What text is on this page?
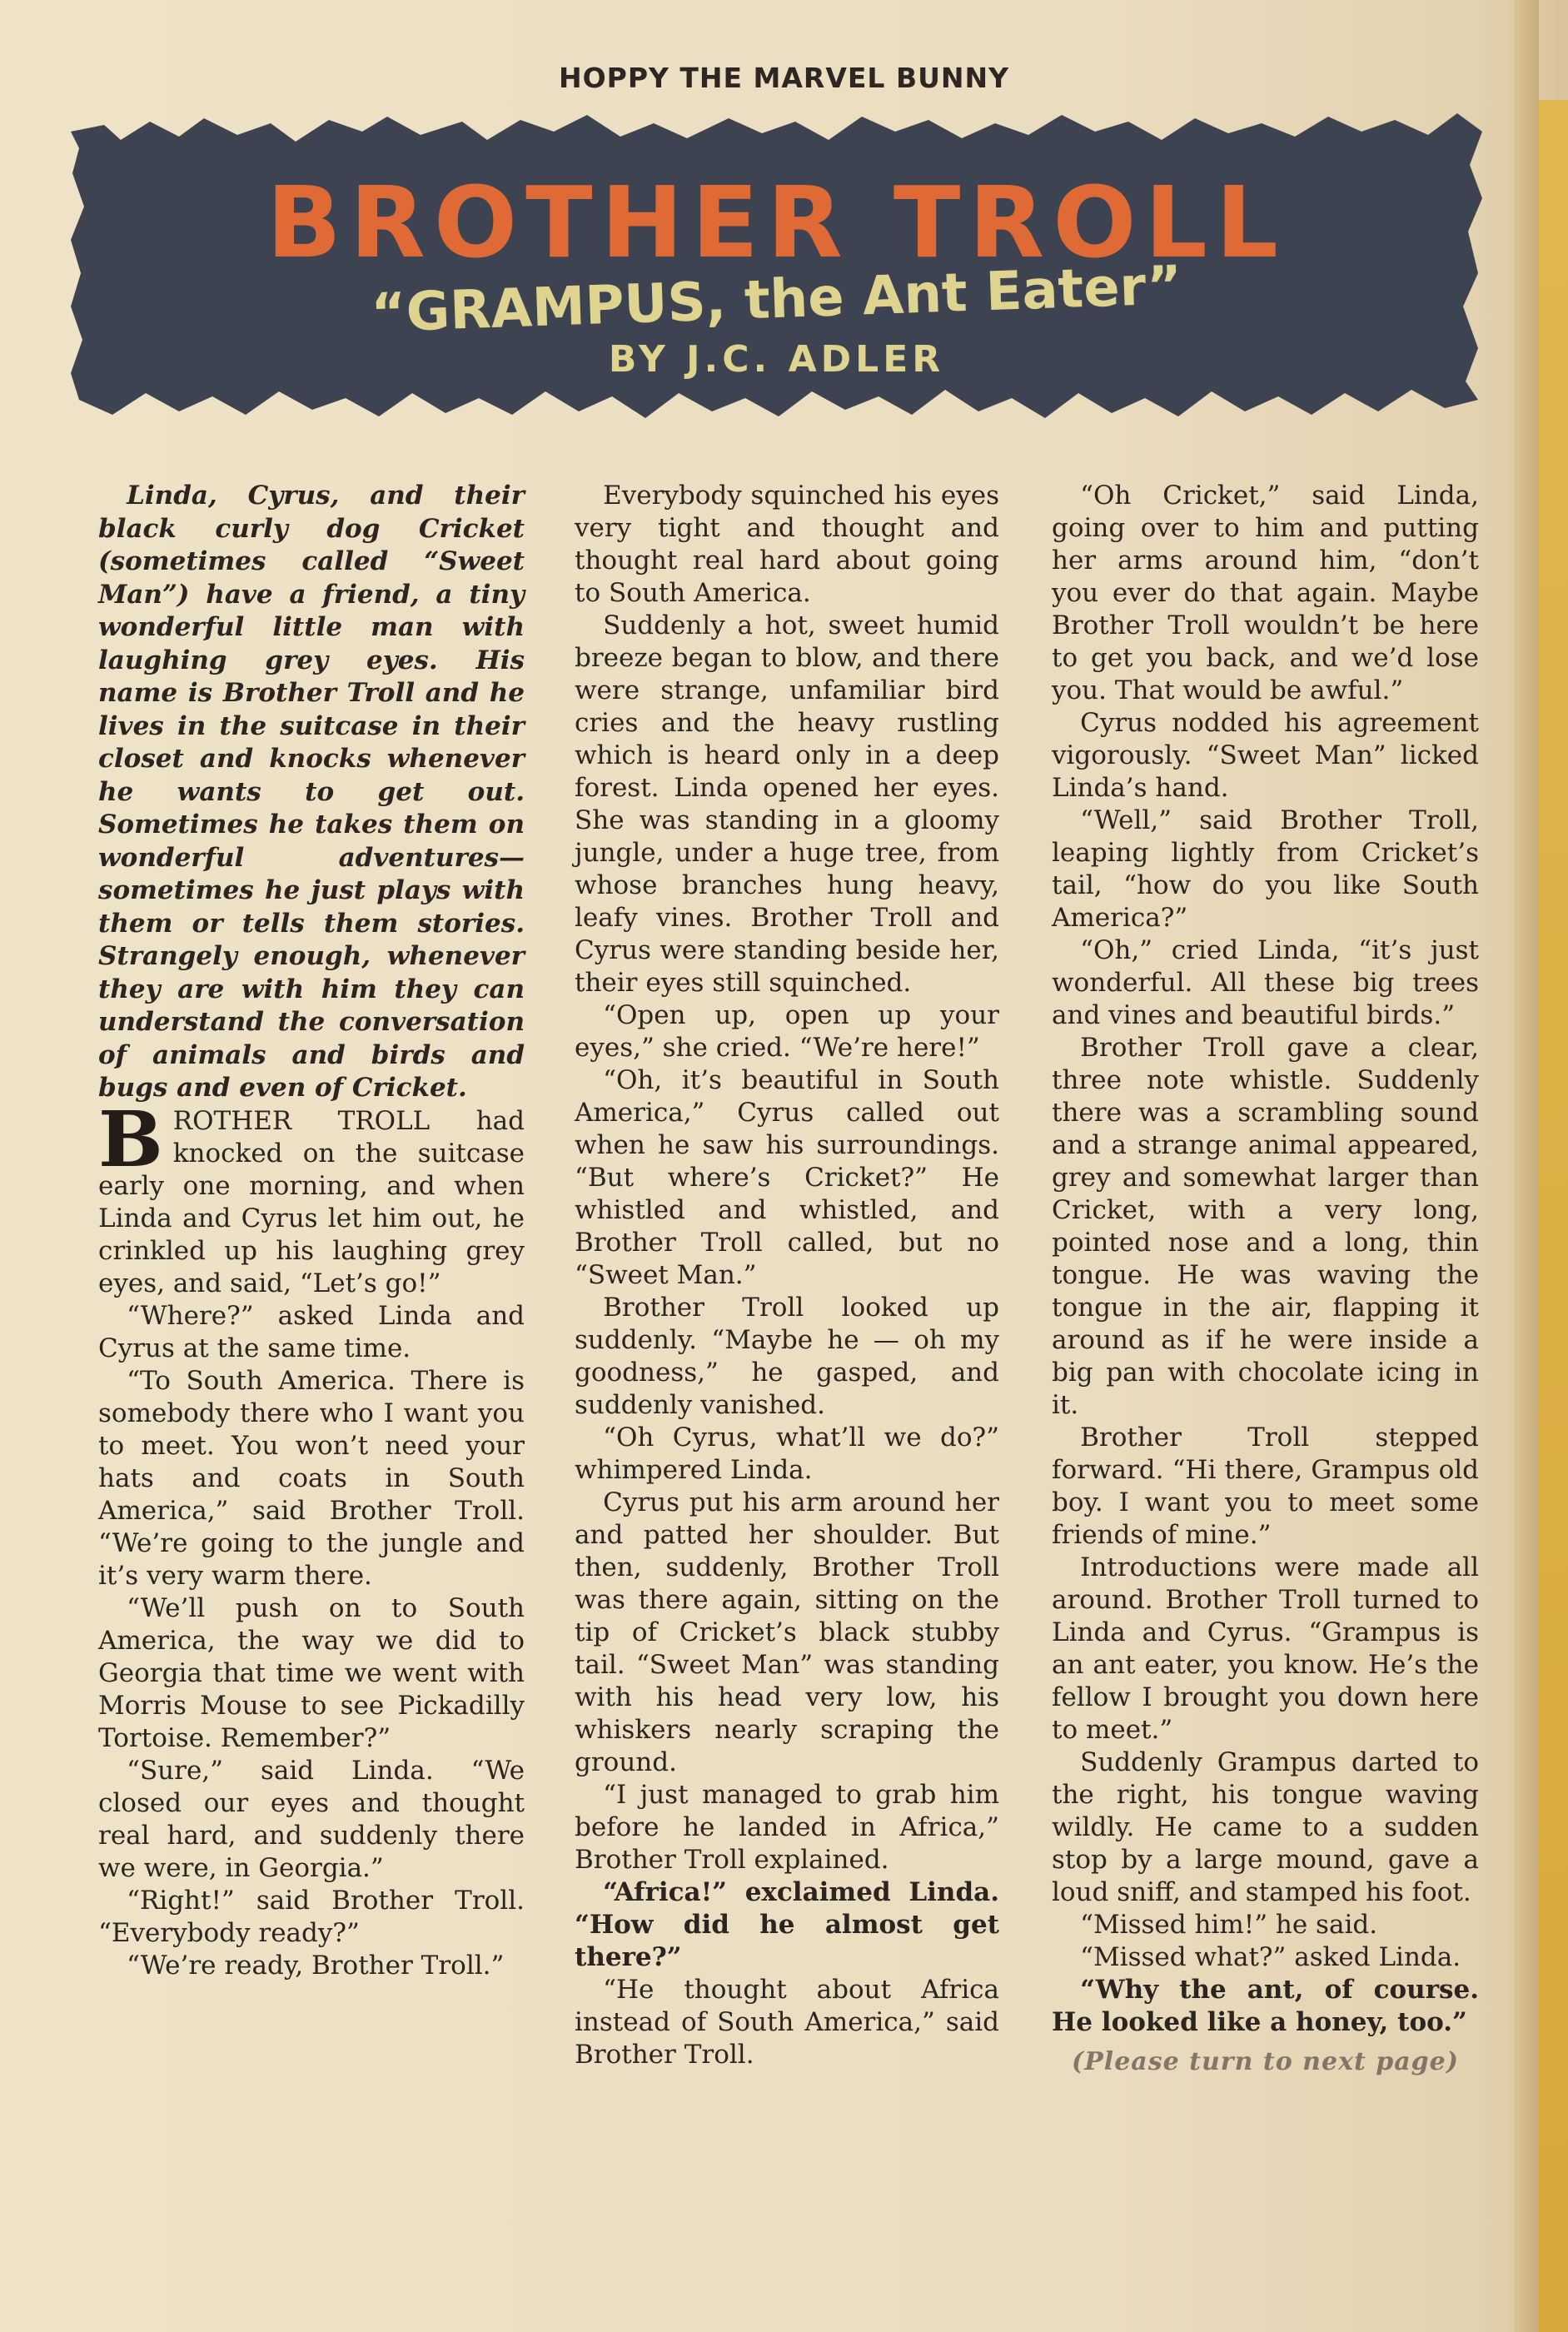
HOPPY THE MARVEL BUNNY
BROTHER TROLL
“GRAMPUS, the Ant Eater”
BY J.C. ADLER

Linda, Cyrus, and their black curly dog Cricket (sometimes called “Sweet Man”) have a friend, a tiny wonderful little man with laughing grey eyes. His name is Brother Troll and he lives in the suitcase in their closet and knocks whenever he wants to get out. Sometimes he takes them on wonderful adventures—sometimes he just plays with them or tells them stories. Strangely enough, whenever they are with him they can understand the conversation of animals and birds and bugs and even of Cricket.

BROTHER TROLL had knocked on the suitcase early one morning, and when Linda and Cyrus let him out, he crinkled up his laughing grey eyes, and said, “Let’s go!”

“Where?” asked Linda and Cyrus at the same time.

“To South America. There is somebody there who I want you to meet. You won’t need your hats and coats in South America,” said Brother Troll. “We’re going to the jungle and it’s very warm there.

“We’ll push on to South America, the way we did to Georgia that time we went with Morris Mouse to see Pickadilly Tortoise. Remember?”

“Sure,” said Linda. “We closed our eyes and thought real hard, and suddenly there we were, in Georgia.”

“Right!” said Brother Troll. “Everybody ready?”

“We’re ready, Brother Troll.”

Everybody squinched his eyes very tight and thought and thought real hard about going to South America.

Suddenly a hot, sweet humid breeze began to blow, and there were strange, unfamiliar bird cries and the heavy rustling which is heard only in a deep forest. Linda opened her eyes. She was standing in a gloomy jungle, under a huge tree, from whose branches hung heavy, leafy vines. Brother Troll and Cyrus were standing beside her, their eyes still squinched.

“Open up, open up your eyes,” she cried. “We’re here!”

“Oh, it’s beautiful in South America,” Cyrus called out when he saw his surroundings. “But where’s Cricket?” He whistled and whistled, and Brother Troll called, but no “Sweet Man.”

Brother Troll looked up suddenly. “Maybe he — oh my goodness,” he gasped, and suddenly vanished.

“Oh Cyrus, what’ll we do?” whimpered Linda.

Cyrus put his arm around her and patted her shoulder. But then, suddenly, Brother Troll was there again, sitting on the tip of Cricket’s black stubby tail. “Sweet Man” was standing with his head very low, his whiskers nearly scraping the ground.

“I just managed to grab him before he landed in Africa,” Brother Troll explained.

“Africa!” exclaimed Linda. “How did he almost get there?”

“He thought about Africa instead of South America,” said Brother Troll.

“Oh Cricket,” said Linda, going over to him and putting her arms around him, “don’t you ever do that again. Maybe Brother Troll wouldn’t be here to get you back, and we’d lose you. That would be awful.”

Cyrus nodded his agreement vigorously. “Sweet Man” licked Linda’s hand.

“Well,” said Brother Troll, leaping lightly from Cricket’s tail, “how do you like South America?”

“Oh,” cried Linda, “it’s just wonderful. All these big trees and vines and beautiful birds.”

Brother Troll gave a clear, three note whistle. Suddenly there was a scrambling sound and a strange animal appeared, grey and somewhat larger than Cricket, with a very long, pointed nose and a long, thin tongue. He was waving the tongue in the air, flapping it around as if he were inside a big pan with chocolate icing in it.

Brother Troll stepped forward. “Hi there, Grampus old boy. I want you to meet some friends of mine.”

Introductions were made all around. Brother Troll turned to Linda and Cyrus. “Grampus is an ant eater, you know. He’s the fellow I brought you down here to meet.”

Suddenly Grampus darted to the right, his tongue waving wildly. He came to a sudden stop by a large mound, gave a loud sniff, and stamped his foot.

“Missed him!” he said.

“Missed what?” asked Linda.

“Why the ant, of course. He looked like a honey, too.”

(Please turn to next page)
